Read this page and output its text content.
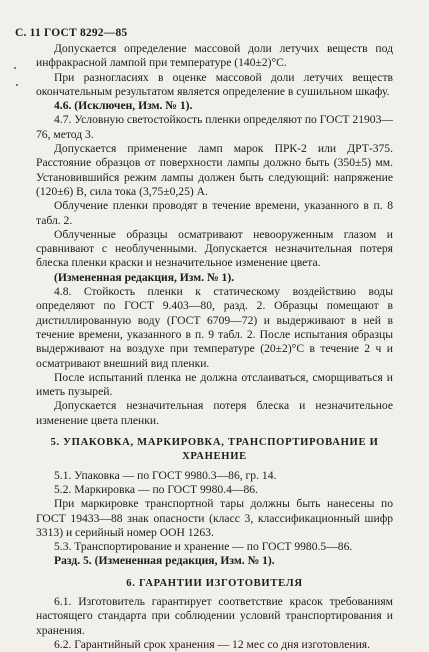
С. 11 ГОСТ 8292—85

Допускается определение массовой доли летучих веществ под инфракрасной лампой при температуре (140±2)°С.

При разногласиях в оценке массовой доли летучих веществ окончательным результатом является определение в сушильном шкафу.

4.6. (Исключен, Изм. № 1).

4.7. Условную светостойкость пленки определяют по ГОСТ 21903—76, метод 3.

Допускается применение ламп марок ПРК-2 или ДРТ-375. Расстояние образцов от поверхности лампы должно быть (350±5) мм. Установившийся режим лампы должен быть следующий: напряжение (120±6) В, сила тока (3,75±0,25) А.

Облучение пленки проводят в течение времени, указанного в п. 8 табл. 2.

Облученные образцы осматривают невооруженным глазом и сравнивают с необлученными. Допускается незначительная потеря блеска пленки краски и незначительное изменение цвета.

(Измененная редакция, Изм. № 1).

4.8. Стойкость пленки к статическому воздействию воды определяют по ГОСТ 9.403—80, разд. 2. Образцы помещают в дистиллированную воду (ГОСТ 6709—72) и выдерживают в ней в течение времени, указанного в п. 9 табл. 2. После испытания образцы выдерживают на воздухе при температуре (20±2)°С в течение 2 ч и осматривают внешний вид пленки.

После испытаний пленка не должна отслаиваться, сморщиваться и иметь пузырей.

Допускается незначительная потеря блеска и незначительное изменение цвета пленки.

5. УПАКОВКА, МАРКИРОВКА, ТРАНСПОРТИРОВАНИЕ И ХРАНЕНИЕ

5.1. Упаковка — по ГОСТ 9980.3—86, гр. 14.

5.2. Маркировка — по ГОСТ 9980.4—86.

При маркировке транспортной тары должны быть нанесены по ГОСТ 19433—88 знак опасности (класс 3, классификационный шифр 3313) и серийный номер ООН 1263.

5.3. Транспортирование и хранение — по ГОСТ 9980.5—86.

Разд. 5. (Измененная редакция, Изм. № 1).

6. ГАРАНТИИ ИЗГОТОВИТЕЛЯ

6.1. Изготовитель гарантирует соответствие красок требованиям настоящего стандарта при соблюдении условий транспортирования и хранения.

6.2. Гарантийный срок хранения — 12 мес со дня изготовления.
